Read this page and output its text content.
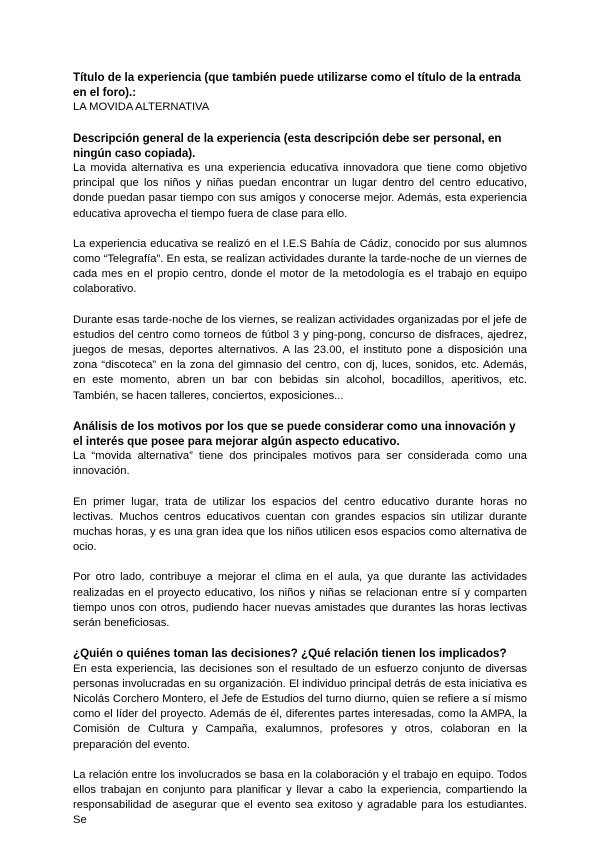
Título de la experiencia (que también puede utilizarse como el título de la entrada en el foro).:

LA MOVIDA ALTERNATIVA

Descripción general de la experiencia (esta descripción debe ser personal, en ningún caso copiada).

La movida alternativa es una experiencia educativa innovadora que tiene como objetivo principal que los niños y niñas puedan encontrar un lugar dentro del centro educativo, donde puedan pasar tiempo con sus amigos y conocerse mejor. Además, esta experiencia educativa aprovecha el tiempo fuera de clase para ello.

La experiencia educativa se realizó en el I.E.S Bahía de Cádiz, conocido por sus alumnos como “Telegrafía”. En esta, se realizan actividades durante la tarde-noche de un viernes de cada mes en el propio centro, donde el motor de la metodología es el trabajo en equipo colaborativo.

Durante esas tarde-noche de los viernes, se realizan actividades organizadas por el jefe de estudios del centro como torneos de fútbol 3 y ping-pong, concurso de disfraces, ajedrez, juegos de mesas, deportes alternativos. A las 23.00, el instituto pone a disposición una zona “discoteca” en la zona del gimnasio del centro, con dj, luces, sonidos, etc. Además, en este momento, abren un bar con bebidas sin alcohol, bocadillos, aperitivos, etc. También, se hacen talleres, conciertos, exposiciones...

Análisis de los motivos por los que se puede considerar como una innovación y el interés que posee para mejorar algún aspecto educativo.

La “movida alternativa” tiene dos principales motivos para ser considerada como una innovación.

En primer lugar, trata de utilizar los espacios del centro educativo durante horas no lectivas. Muchos centros educativos cuentan con grandes espacios sin utilizar durante muchas horas, y es una gran idea que los niños utilicen esos espacios como alternativa de ocio.

Por otro lado, contribuye a mejorar el clima en el aula, ya que durante las actividades realizadas en el proyecto educativo, los niños y niñas se relacionan entre sí y comparten tiempo unos con otros, pudiendo hacer nuevas amistades que durantes las horas lectivas serán beneficiosas.

¿Quién o quiénes toman las decisiones? ¿Qué relación tienen los implicados?

En esta experiencia, las decisiones son el resultado de un esfuerzo conjunto de diversas personas involucradas en su organización. El individuo principal detrás de esta iniciativa es Nicolás Corchero Montero, el Jefe de Estudios del turno diurno, quien se refiere a sí mismo como el líder del proyecto. Además de él, diferentes partes interesadas, como la AMPA, la Comisión de Cultura y Campaña, exalumnos, profesores y otros, colaboran en la preparación del evento.

La relación entre los involucrados se basa en la colaboración y el trabajo en equipo. Todos ellos trabajan en conjunto para planificar y llevar a cabo la experiencia, compartiendo la responsabilidad de asegurar que el evento sea exitoso y agradable para los estudiantes. Se
